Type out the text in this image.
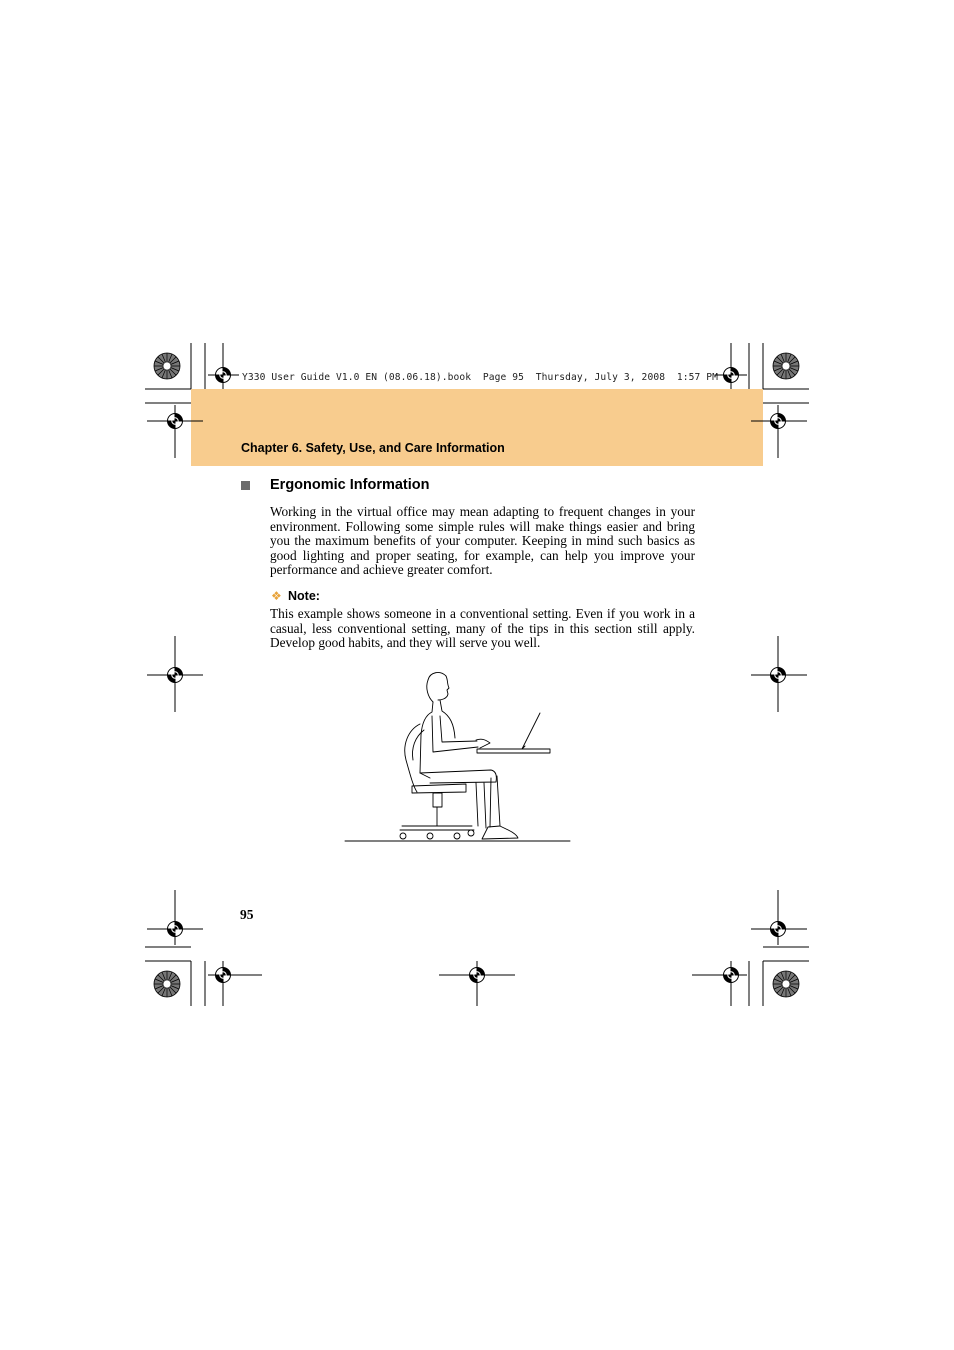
Y330 User Guide V1.0 EN (08.06.18).book  Page 95  Thursday, July 3, 2008  1:57 PM
Chapter 6. Safety, Use, and Care Information
Ergonomic Information

Working in the virtual office may mean adapting to frequent changes in your environment. Following some simple rules will make things easier and bring you the maximum benefits of your computer. Keeping in mind such basics as good lighting and proper seating, for example, can help you improve your performance and achieve greater comfort.

❖ Note:

This example shows someone in a conventional setting. Even if you work in a casual, less conventional setting, many of the tips in this section still apply. Develop good habits, and they will serve you well.

95
